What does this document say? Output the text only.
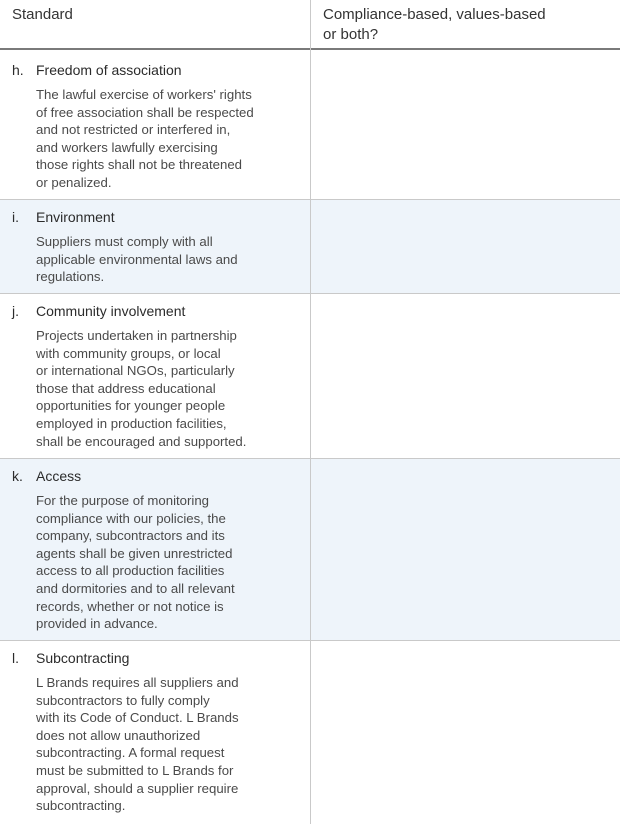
Standard	Compliance-based, values-based
or both?
h. Freedom of association
The lawful exercise of workers' rights
of free association shall be respected
and not restricted or interfered in,
and workers lawfully exercising
those rights shall not be threatened
or penalized.
i. Environment
Suppliers must comply with all
applicable environmental laws and
regulations.
j. Community involvement
Projects undertaken in partnership
with community groups, or local
or international NGOs, particularly
those that address educational
opportunities for younger people
employed in production facilities,
shall be encouraged and supported.
k. Access
For the purpose of monitoring
compliance with our policies, the
company, subcontractors and its
agents shall be given unrestricted
access to all production facilities
and dormitories and to all relevant
records, whether or not notice is
provided in advance.
l. Subcontracting
L Brands requires all suppliers and
subcontractors to fully comply
with its Code of Conduct. L Brands
does not allow unauthorized
subcontracting. A formal request
must be submitted to L Brands for
approval, should a supplier require
subcontracting.
